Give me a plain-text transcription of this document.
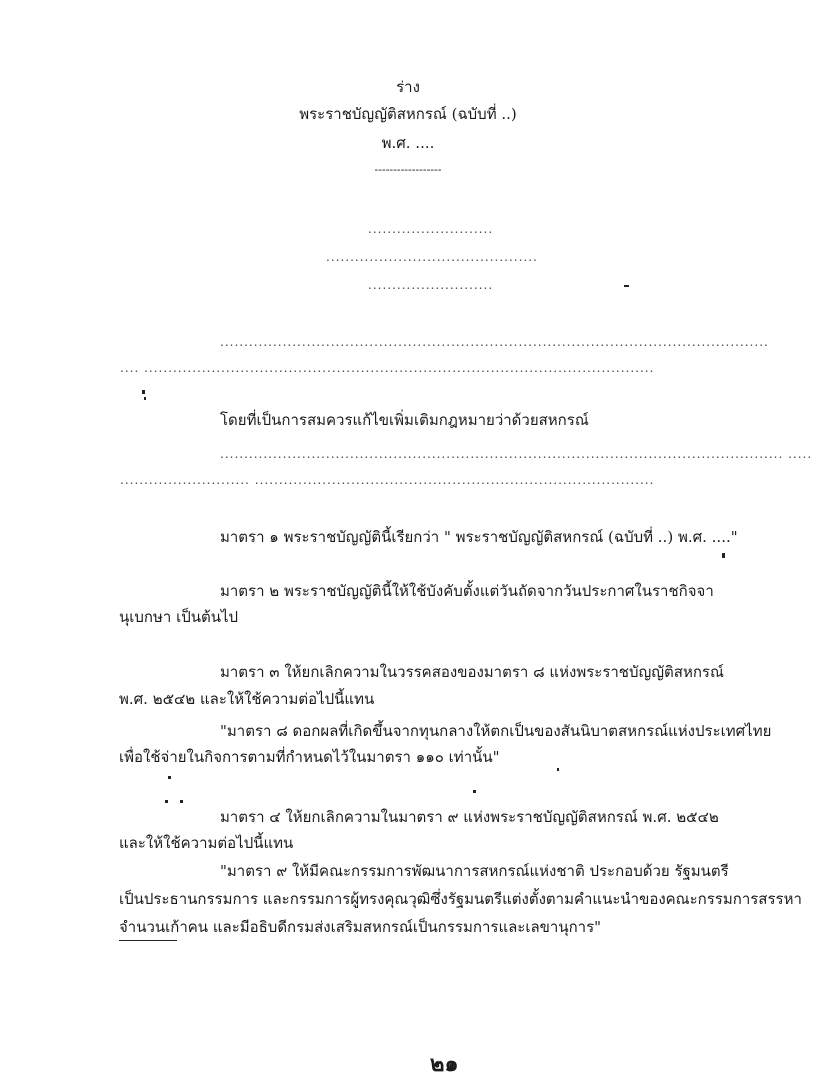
ร่าง
พระราชบัญญัติสหกรณ์ (ฉบับที่ ..)
พ.ศ. ....
------------------
..........................
............................................
..........................
..................................................................................................................
.... ..........................................................................................................
โดยที่เป็นการสมควรแก้ไขเพิ่มเติมกฎหมายว่าด้วยสหกรณ์
..................................................................................................................... .....
........................... ...................................................................................
มาตรา ๑ พระราชบัญญัตินี้เรียกว่า " พระราชบัญญัติสหกรณ์ (ฉบับที่ ..) พ.ศ. ...."
มาตรา ๒ พระราชบัญญัตินี้ให้ใช้บังคับตั้งแต่วันถัดจากวันประกาศในราชกิจจา
นุเบกษา เป็นต้นไป
มาตรา ๓ ให้ยกเลิกความในวรรคสองของมาตรา ๘ แห่งพระราชบัญญัติสหกรณ์
พ.ศ. ๒๕๔๒ และให้ใช้ความต่อไปนี้แทน
"มาตรา ๘ ดอกผลที่เกิดขึ้นจากทุนกลางให้ตกเป็นของสันนิบาตสหกรณ์แห่งประเทศไทย
เพื่อใช้จ่ายในกิจการตามที่กำหนดไว้ในมาตรา ๑๑๐ เท่านั้น"
มาตรา ๔ ให้ยกเลิกความในมาตรา ๙ แห่งพระราชบัญญัติสหกรณ์ พ.ศ. ๒๕๔๒
และให้ใช้ความต่อไปนี้แทน
"มาตรา ๙ ให้มีคณะกรรมการพัฒนาการสหกรณ์แห่งชาติ ประกอบด้วย รัฐมนตรี
เป็นประธานกรรมการ และกรรมการผู้ทรงคุณวุฒิซึ่งรัฐมนตรีแต่งตั้งตามคำแนะนำของคณะกรรมการสรรหา
จำนวนเก้าคน และมีอธิบดีกรมส่งเสริมสหกรณ์เป็นกรรมการและเลขานุการ"
๒๑
